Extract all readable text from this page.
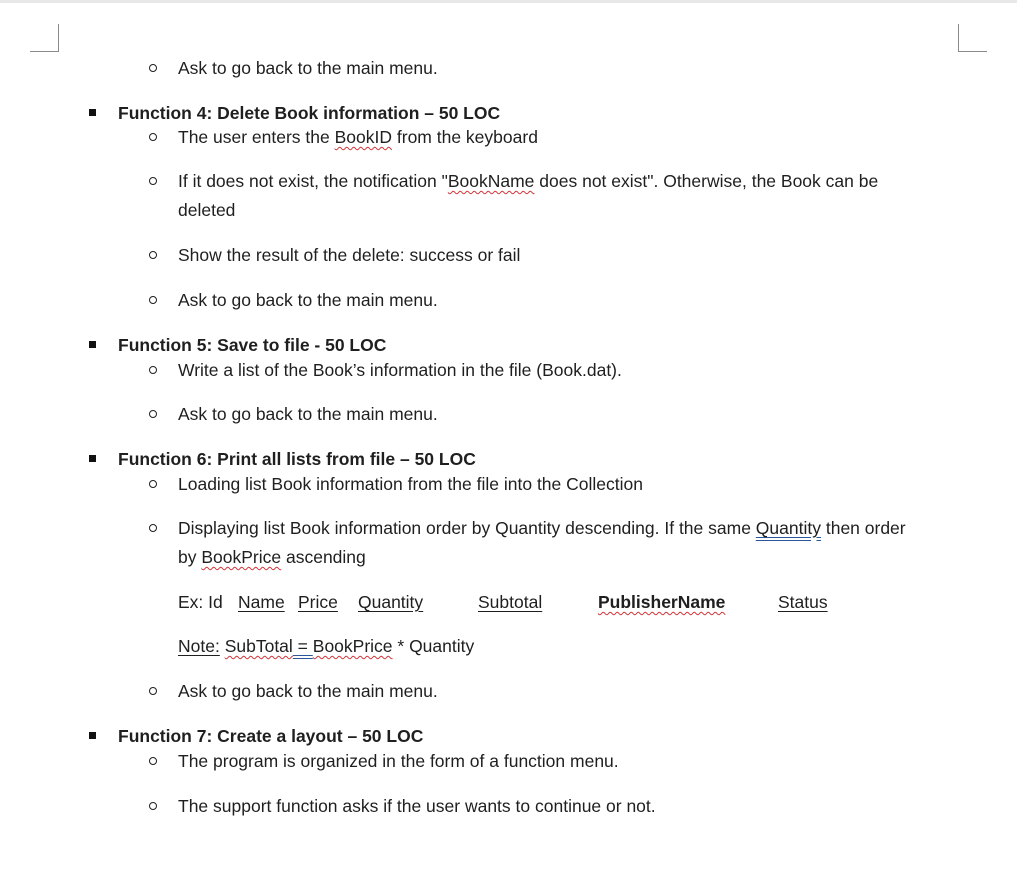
Ask to go back to the main menu.
Function 4: Delete Book information – 50 LOC
The user enters the BookID from the keyboard
If it does not exist, the notification "BookName does not exist". Otherwise, the Book can be
deleted
Show the result of the delete: success or fail
Ask to go back to the main menu.
Function 5: Save to file - 50 LOC
Write a list of the Book’s information in the file (Book.dat).
Ask to go back to the main menu.
Function 6: Print all lists from file – 50 LOC
Loading list Book information from the file into the Collection
Displaying list Book information order by Quantity descending. If the same Quantity then order
by BookPrice ascending
Ex: Id Name Price Quantity	Subtotal	PublisherName	Status
Note: SubTotal = BookPrice * Quantity
Ask to go back to the main menu.
Function 7: Create a layout – 50 LOC
The program is organized in the form of a function menu.
The support function asks if the user wants to continue or not.
